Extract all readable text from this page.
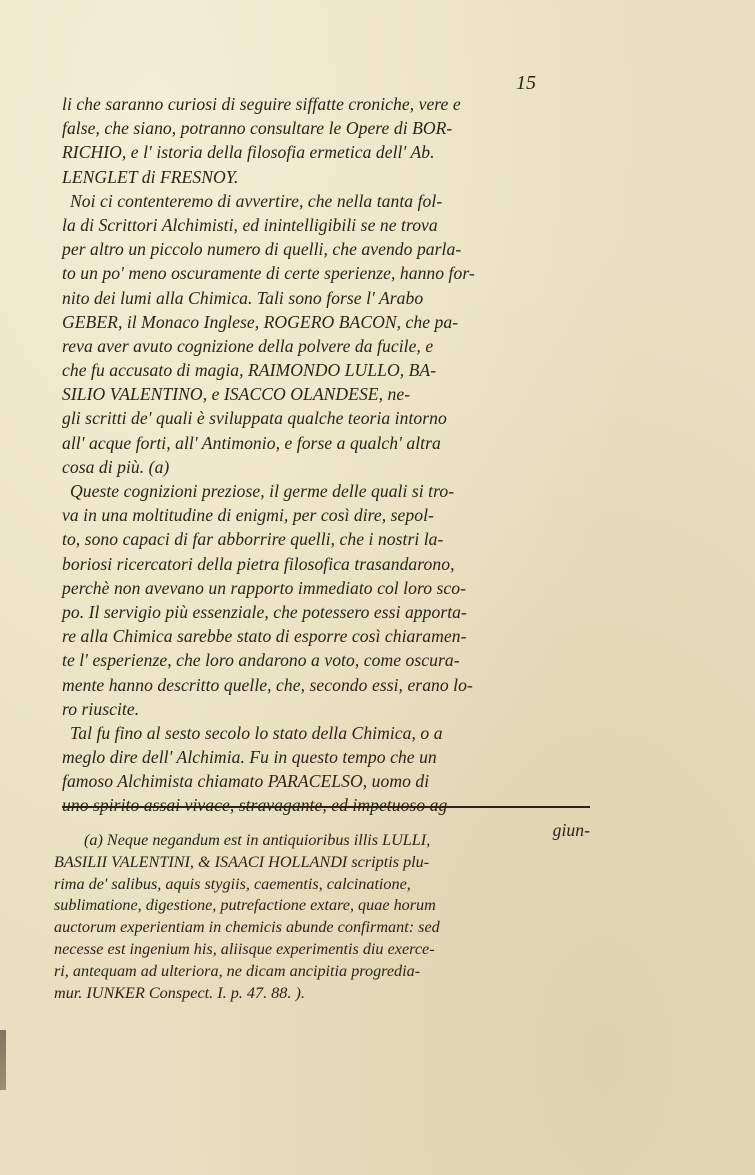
15
li che saranno curiosi di seguire siffatte croniche, vere e
false, che siano, potranno consultare le Opere di BOR-
RICHIO, e l' istoria della filosofia ermetica dell' Ab.
LENGLET di FRESNOY.
Noi ci contenteremo di avvertire, che nella tanta fol-
la di Scrittori Alchimisti, ed inintelligibili se ne trova
per altro un piccolo numero di quelli, che avendo parla-
to un po' meno oscuramente di certe sperienze, hanno for-
nito dei lumi alla Chimica. Tali sono forse l' Arabo
GEBER, il Monaco Inglese, ROGERO BACON, che pa-
reva aver avuto cognizione della polvere da fucile, e
che fu accusato di magia, RAIMONDO LULLO, BA-
SILIO VALENTINO, e ISACCO OLANDESE, ne-
gli scritti de' quali è sviluppata qualche teoria intorno
all' acque forti, all' Antimonio, e forse a qualch' altra
cosa di più. (a)
Queste cognizioni preziose, il germe delle quali si tro-
va in una moltitudine di enigmi, per così dire, sepol-
to, sono capaci di far abborrire quelli, che i nostri la-
boriosi ricercatori della pietra filosofica trasandarono,
perchè non avevano un rapporto immediato col loro sco-
po. Il servigio più essenziale, che potessero essi apporta-
re alla Chimica sarebbe stato di esporre così chiaramen-
te l' esperienze, che loro andarono a voto, come oscura-
mente hanno descritto quelle, che, secondo essi, erano lo-
ro riuscite.
Tal fu fino al sesto secolo lo stato della Chimica, o a
meglo dire dell' Alchimia. Fu in questo tempo che un
famoso Alchimista chiamato PARACELSO, uomo di
uno spirito assai vivace, stravagante, ed impetuoso ag-
giun-
(a) Neque negandum est in antiquioribus illis LULLI,
BASILII VALENTINI, & ISAACI HOLLANDI scriptis plu-
rima de' salibus, aquis stygiis, caementis, calcinatione,
sublimatione, digestione, putrefactione extare, quae horum
auctorum experientiam in chemicis abunde confirmant: sed
necesse est ingenium his, aliisque experimentis diu exerce-
ri, antequam ad ulteriora, ne dicam ancipitia progredia-
mur. IUNKER Conspect. I. p. 47. 88. ).
